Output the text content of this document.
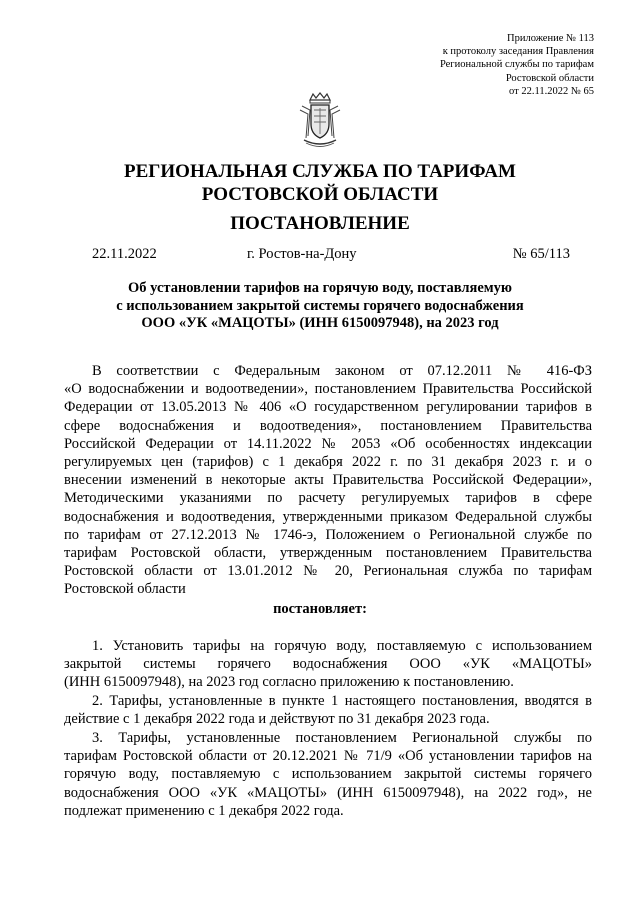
Приложение № 113
к протоколу заседания Правления
Региональной службы по тарифам
Ростовской области
от 22.11.2022 № 65
РЕГИОНАЛЬНАЯ СЛУЖБА ПО ТАРИФАМ
РОСТОВСКОЙ ОБЛАСТИ
ПОСТАНОВЛЕНИЕ
22.11.2022	г. Ростов-на-Дону	№ 65/113
Об установлении тарифов на горячую воду, поставляемую
с использованием закрытой системы горячего водоснабжения
ООО «УК «МАЦОТЫ» (ИНН 6150097948), на 2023 год
В соответствии с Федеральным законом от 07.12.2011 № 416-ФЗ
«О водоснабжении и водоотведении», постановлением Правительства Российской
Федерации от 13.05.2013 № 406 «О государственном регулировании тарифов в
сфере водоснабжения и водоотведения», постановлением Правительства
Российской Федерации от 14.11.2022 № 2053 «Об особенностях индексации
регулируемых цен (тарифов) с 1 декабря 2022 г. по 31 декабря 2023 г. и о
внесении изменений в некоторые акты Правительства Российской Федерации»,
Методическими указаниями по расчету регулируемых тарифов в сфере
водоснабжения и водоотведения, утвержденными приказом Федеральной службы
по тарифам от 27.12.2013 № 1746-э, Положением о Региональной службе по
тарифам Ростовской области, утвержденным постановлением Правительства
Ростовской области от 13.01.2012 № 20, Региональная служба по тарифам
Ростовской области
постановляет:
1. Установить тарифы на горячую воду, поставляемую с использованием
закрытой системы горячего водоснабжения ООО «УК «МАЦОТЫ»
(ИНН 6150097948), на 2023 год согласно приложению к постановлению.
2. Тарифы, установленные в пункте 1 настоящего постановления, вводятся в
действие с 1 декабря 2022 года и действуют по 31 декабря 2023 года.
3. Тарифы, установленные постановлением Региональной службы по
тарифам Ростовской области от 20.12.2021 № 71/9 «Об установлении тарифов на
горячую воду, поставляемую с использованием закрытой системы горячего
водоснабжения ООО «УК «МАЦОТЫ» (ИНН 6150097948), на 2022 год», не
подлежат применению с 1 декабря 2022 года.
